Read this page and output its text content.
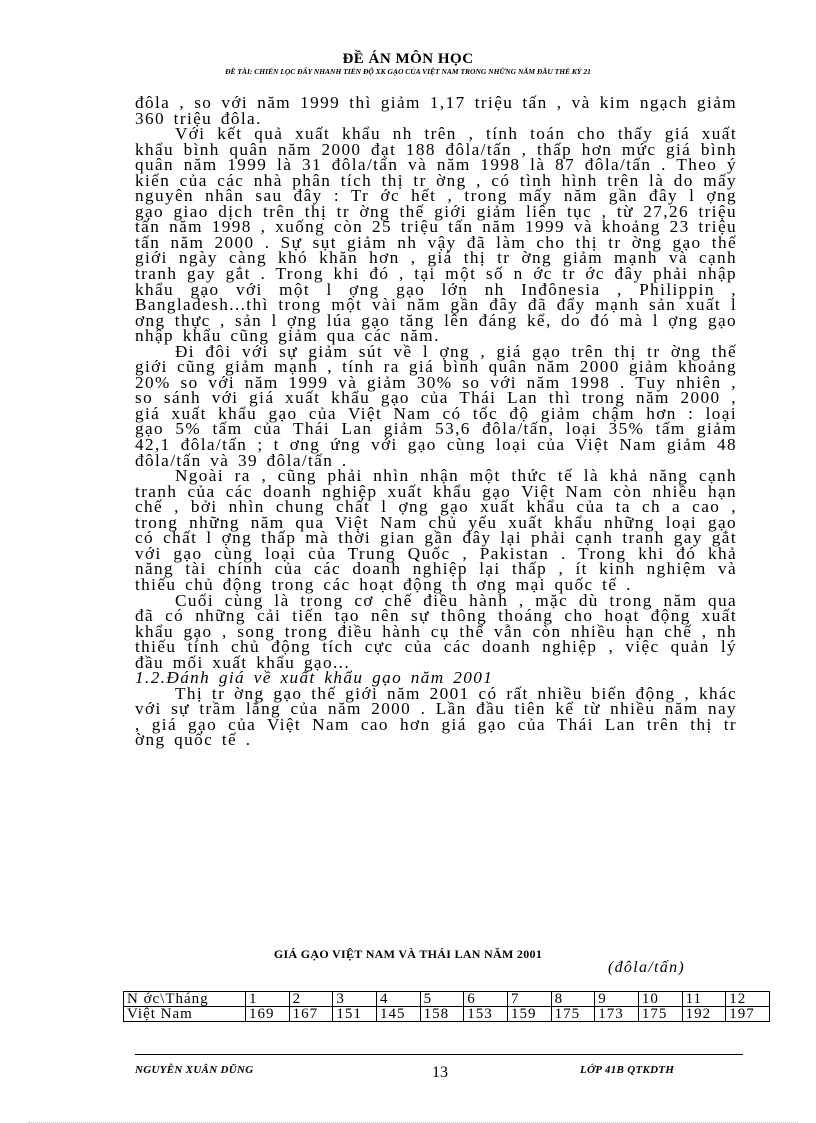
ĐỀ ÁN MÔN HỌC
ĐỀ TÀI: CHIẾN LỌC ĐẨY NHANH TIẾN ĐỘ XK GẠO CỦA VIỆT NAM TRONG NHỮNG NĂM ĐẦU THẾ KỶ 21

đôla , so với năm 1999 thì giảm 1,17 triệu tấn , và kim ngạch giảm 360 triệu đôla.

Với kết quả xuất khẩu nh trên , tính toán cho thấy giá xuất khẩu bình quân năm 2000 đạt 188 đôla/tấn , thấp hơn mức giá bình quân năm 1999 là 31 đôla/tấn và năm 1998 là 87 đôla/tấn . Theo ý kiến của các nhà phân tích thị tr ờng , có tình hình trên là do mấy nguyên nhân sau đây : Tr ớc hết , trong mấy năm gần đây l ợng gạo giao dịch trên thị tr ờng thế giới giảm liên tục , từ 27,26 triệu tấn năm 1998 , xuống còn 25 triệu tấn năm 1999 và khoảng 23 triệu tấn năm 2000 . Sự sụt giảm nh vậy đã làm cho thị tr ờng gạo thế giới ngày càng khó khăn hơn , giá thị tr ờng giảm mạnh và cạnh tranh gay gắt . Trong khi đó , tại một số n ớc tr ớc đây phải nhập khẩu gạo với một l ợng gạo lớn nh Inđônesia , Philippin , Bangladesh...thì trong một vài năm gần đây đã đẩy mạnh sản xuất l ơng thực , sản l ợng lúa gạo tăng lên đáng kể, do đó mà l ợng gạo nhập khẩu cũng giảm qua các năm.

Đi đôi với sự giảm sút về l ợng , giá gạo trên thị tr ờng thế giới cũng giảm mạnh , tính ra giá bình quân năm 2000 giảm khoảng 20% so với năm 1999 và giảm 30% so với năm 1998 . Tuy nhiên , so sánh với giá xuất khẩu gạo của Thái Lan thì trong năm 2000 , giá xuất khẩu gạo của Việt Nam có tốc độ giảm chậm hơn : loại gạo 5% tấm của Thái Lan giảm 53,6 đôla/tấn, loại 35% tấm giảm 42,1 đôla/tấn ; t ơng ứng với gạo cùng loại của Việt Nam giảm 48 đôla/tấn và 39 đôla/tấn .

Ngoài ra , cũng phải nhìn nhận một thức tế là khả năng cạnh tranh của các doanh nghiệp xuất khẩu gạo Việt Nam còn nhiều hạn chế , bởi nhìn chung chất l ợng gạo xuất khẩu của ta ch a cao , trong những năm qua Việt Nam chủ yếu xuất khẩu những loại gạo có chất l ợng thấp mà thời gian gần đây lại phải cạnh tranh gay gắt với gạo cùng loại của Trung Quốc , Pakistan . Trong khi đó khả năng tài chính của các doanh nghiệp lại thấp , ít kinh nghiệm và thiếu chủ động trong các hoạt động th ơng mại quốc tế .

Cuối cùng là trong cơ chế điều hành , mặc dù trong năm qua đã có những cải tiến tạo nên sự thông thoáng cho hoạt động xuất khẩu gạo , song trong điều hành cụ thể vẫn còn nhiều hạn chế , nh thiếu tính chủ động tích cực của các doanh nghiệp , việc quản lý đầu mối xuất khẩu gạo...

1.2.Đánh giá về xuất khẩu gạo năm 2001

Thị tr ờng gạo thế giới năm 2001 có rất nhiều biến động , khác với sự trầm lắng của năm 2000 . Lần đầu tiên kể từ nhiều năm nay , giá gạo của Việt Nam cao hơn giá gạo của Thái Lan trên thị tr ờng quốc tế .

GIÁ GẠO VIỆT NAM VÀ THÁI LAN NĂM 2001
(đôla/tấn)
N ớc\Tháng	1	2	3	4	5	6	7	8	9	10	11	12
Việt Nam	169	167	151	145	158	153	159	175	173	175	192	197
NGUYỄN XUÂN DŨNG	13	LỚP 41B QTKDTH
